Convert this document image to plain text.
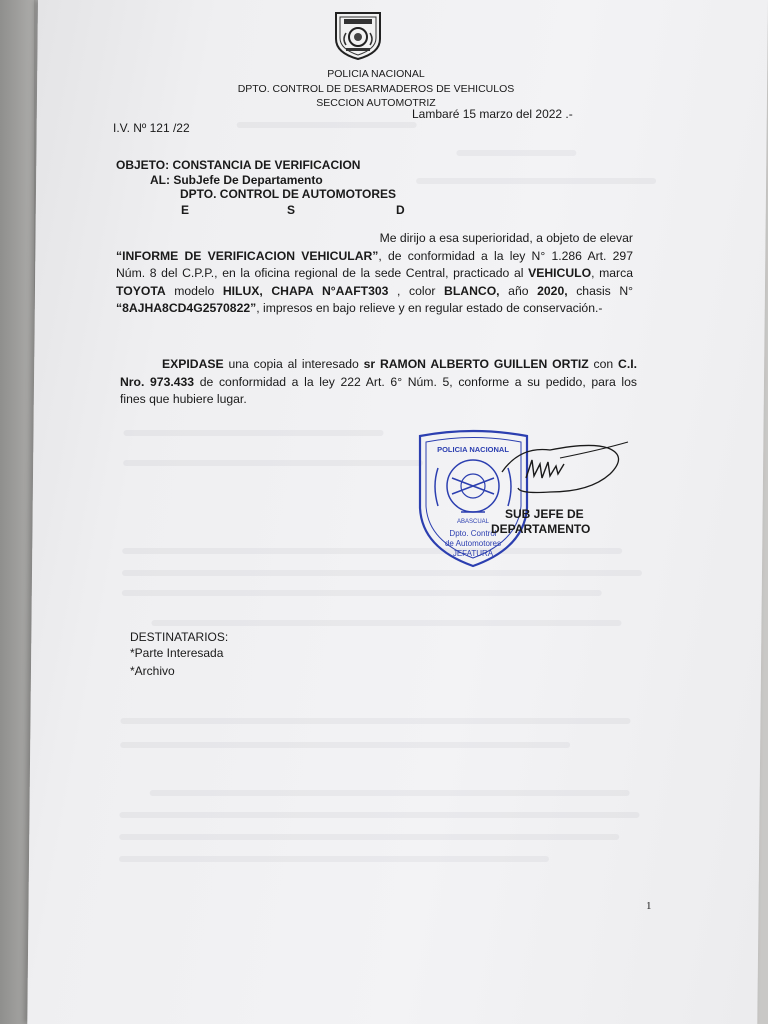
POLICIA NACIONAL
DPTO. CONTROL DE DESARMADEROS DE VEHICULOS
SECCION AUTOMOTRIZ
I.V. Nº 121 /22
Lambaré 15 marzo del 2022 .-
OBJETO: CONSTANCIA DE VERIFICACION
AL: SubJefe De Departamento
DPTO. CONTROL DE AUTOMOTORES
E	S	D
Me dirijo a esa superioridad, a objeto de elevar
“INFORME DE VERIFICACION VEHICULAR”, de conformidad a la ley N° 1.286 Art. 297
Núm. 8 del C.P.P., en la oficina regional de la sede Central, practicado al VEHICULO, marca
TOYOTA modelo HILUX, CHAPA N°AAFT303 , color BLANCO, año 2020, chasis N°
“8AJHA8CD4G2570822”, impresos en bajo relieve y en regular estado de conservación.-
EXPIDASE una copia al interesado sr RAMON ALBERTO GUILLEN ORTIZ con C.I.
Nro. 973.433 de conformidad a la ley 222 Art. 6° Núm. 5, conforme a su pedido, para los
fines que hubiere lugar.
POLICIA NACIONAL
ABASCUAL
Dpto. Control
de Automotores
JEFATURA
SUB JEFE DE
DEPARTAMENTO
DESTINATARIOS:
*Parte Interesada
*Archivo
1
